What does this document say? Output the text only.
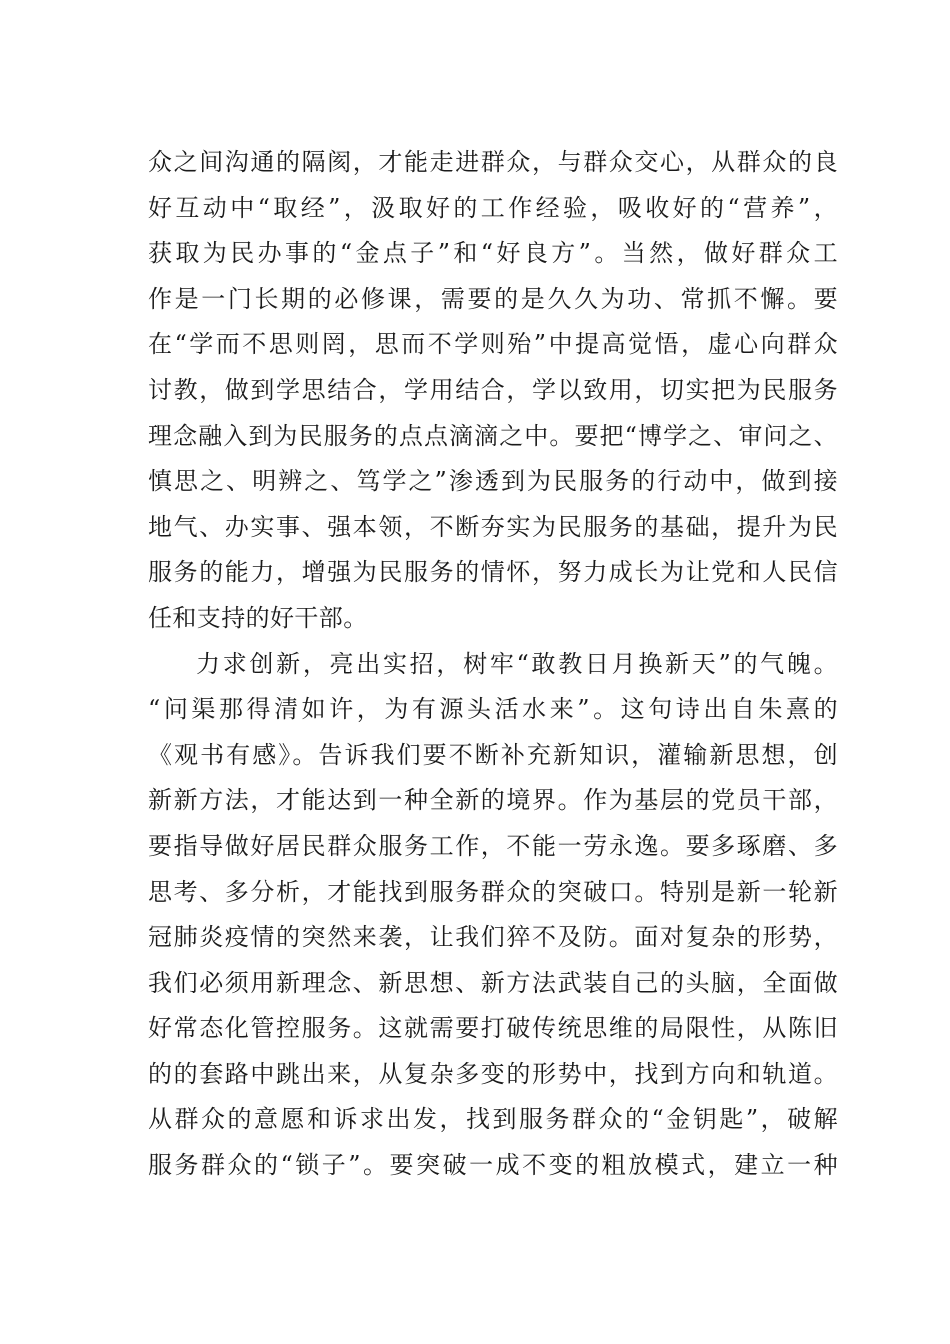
众之间沟通的隔阂，才能走进群众，与群众交心，从群众的良
好互动中“取经”，汲取好的工作经验，吸收好的“营养”，
获取为民办事的“金点子”和“好良方”。当然，做好群众工
作是一门长期的必修课，需要的是久久为功、常抓不懈。要
在“学而不思则罔，思而不学则殆”中提高觉悟，虚心向群众
讨教，做到学思结合，学用结合，学以致用，切实把为民服务
理念融入到为民服务的点点滴滴之中。要把“博学之、审问之、
慎思之、明辨之、笃学之”渗透到为民服务的行动中，做到接
地气、办实事、强本领，不断夯实为民服务的基础，提升为民
服务的能力，增强为民服务的情怀，努力成长为让党和人民信
任和支持的好干部。
力求创新，亮出实招，树牢“敢教日月换新天”的气魄。
“问渠那得清如许，为有源头活水来”。这句诗出自朱熹的
《观书有感》。告诉我们要不断补充新知识，灌输新思想，创
新新方法，才能达到一种全新的境界。作为基层的党员干部，
要指导做好居民群众服务工作，不能一劳永逸。要多琢磨、多
思考、多分析，才能找到服务群众的突破口。特别是新一轮新
冠肺炎疫情的突然来袭，让我们猝不及防。面对复杂的形势，
我们必须用新理念、新思想、新方法武装自己的头脑，全面做
好常态化管控服务。这就需要打破传统思维的局限性，从陈旧
的的套路中跳出来，从复杂多变的形势中，找到方向和轨道。
从群众的意愿和诉求出发，找到服务群众的“金钥匙”，破解
服务群众的“锁子”。要突破一成不变的粗放模式，建立一种
